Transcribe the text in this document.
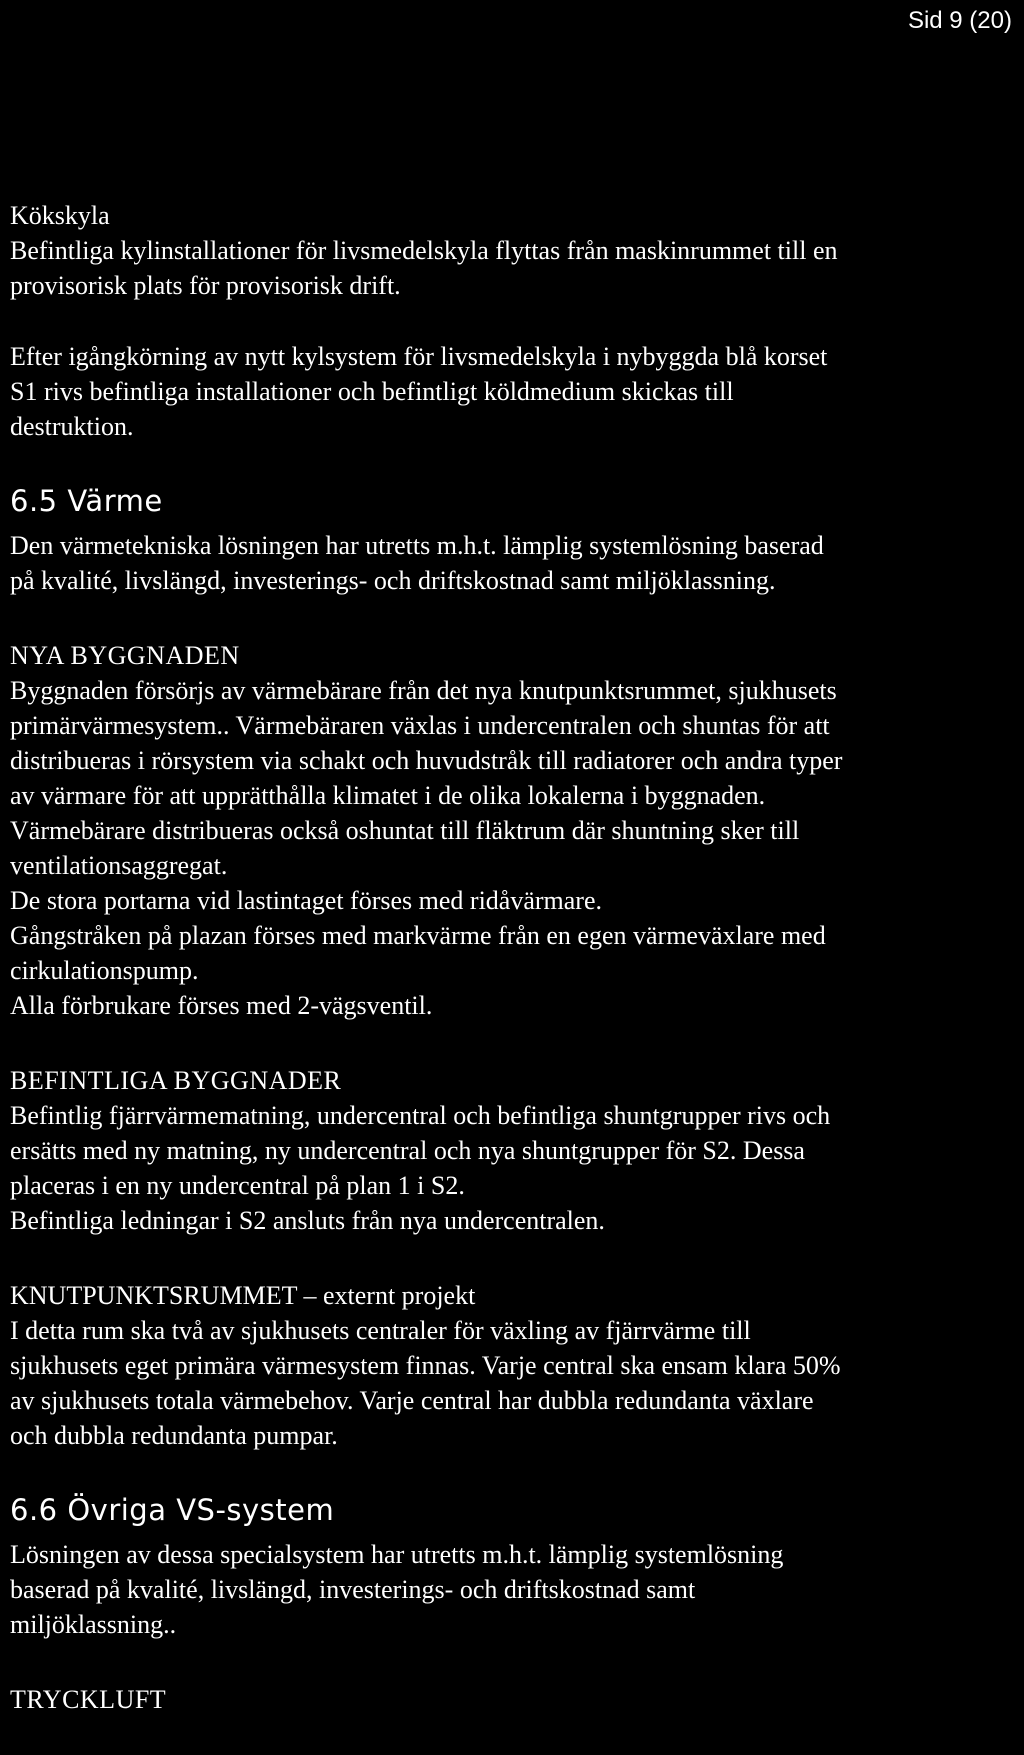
Sid 9 (20)

Kökskyla

Befintliga kylinstallationer för livsmedelskyla flyttas från maskinrummet till en
provisorisk plats för provisorisk drift.

Efter igångkörning av nytt kylsystem för livsmedelskyla i nybyggda blå korset
S1 rivs befintliga installationer och befintligt köldmedium skickas till
destruktion.

6.5 Värme

Den värmetekniska lösningen har utretts m.h.t. lämplig systemlösning baserad
på kvalité, livslängd, investerings- och driftskostnad samt miljöklassning.

NYA BYGGNADEN

Byggnaden försörjs av värmebärare från det nya knutpunktsrummet, sjukhusets
primärvärmesystem.. Värmebäraren växlas i undercentralen och shuntas för att
distribueras i rörsystem via schakt och huvudstråk till radiatorer och andra typer
av värmare för att upprätthålla klimatet i de olika lokalerna i byggnaden.
Värmebärare distribueras också oshuntat till fläktrum där shuntning sker till
ventilationsaggregat.
De stora portarna vid lastintaget förses med ridåvärmare.
Gångstråken på plazan förses med markvärme från en egen värmeväxlare med
cirkulationspump.
Alla förbrukare förses med 2-vägsventil.

BEFINTLIGA BYGGNADER

Befintlig fjärrvärmematning, undercentral och befintliga shuntgrupper rivs och
ersätts med ny matning, ny undercentral och nya shuntgrupper för S2. Dessa
placeras i en ny undercentral på plan 1 i S2.
Befintliga ledningar i S2 ansluts från nya undercentralen.

KNUTPUNKTSRUMMET – externt projekt

I detta rum ska två av sjukhusets centraler för växling av fjärrvärme till
sjukhusets eget primära värmesystem finnas. Varje central ska ensam klara 50%
av sjukhusets totala värmebehov. Varje central har dubbla redundanta växlare
och dubbla redundanta pumpar.

6.6 Övriga VS-system

Lösningen av dessa specialsystem har utretts m.h.t. lämplig systemlösning
baserad på kvalité, livslängd, investerings- och driftskostnad samt
miljöklassning..

TRYCKLUFT
